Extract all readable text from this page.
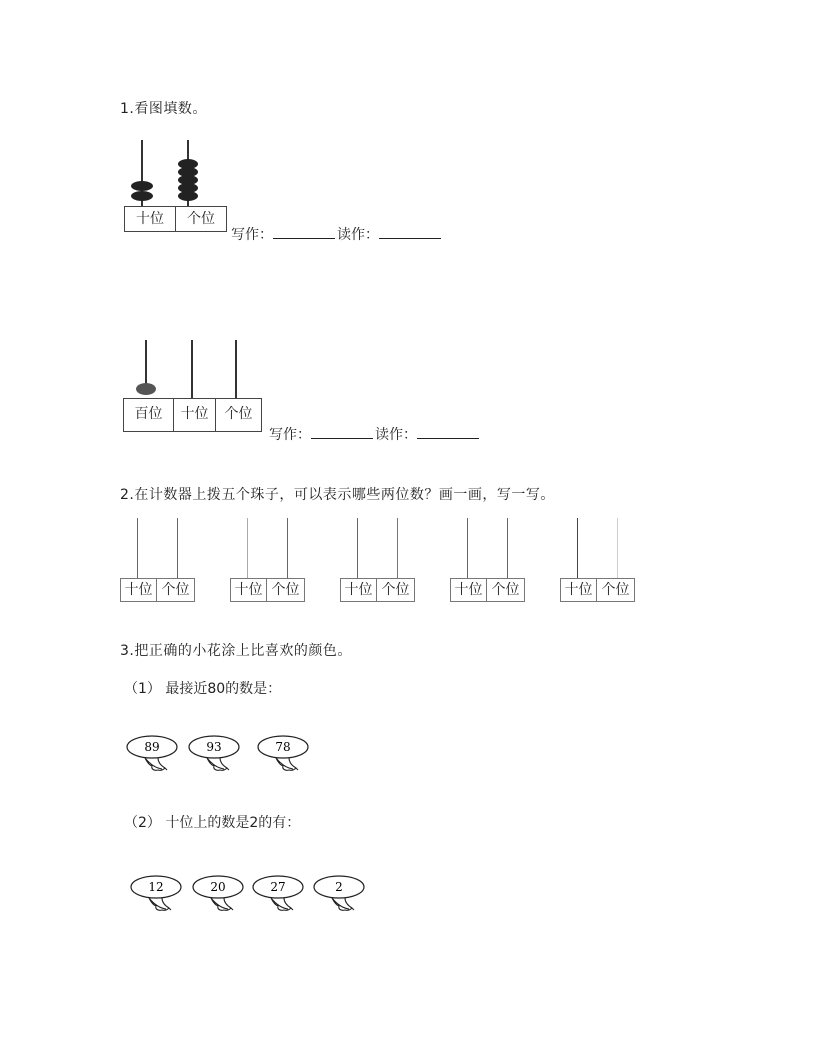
1.看图填数。
十位	个位
写作：	读作：
百位	十位	个位
写作：	读作：
2.在计数器上拨五个珠子，可以表示哪些两位数？画一画，写一写。
十位 个位	十位 个位	十位 个位	十位 个位	十位 个位
3.把正确的小花涂上比喜欢的颜色。
（1） 最接近80的数是：
89	93	78
（2） 十位上的数是2的有：
12	20	27	2
